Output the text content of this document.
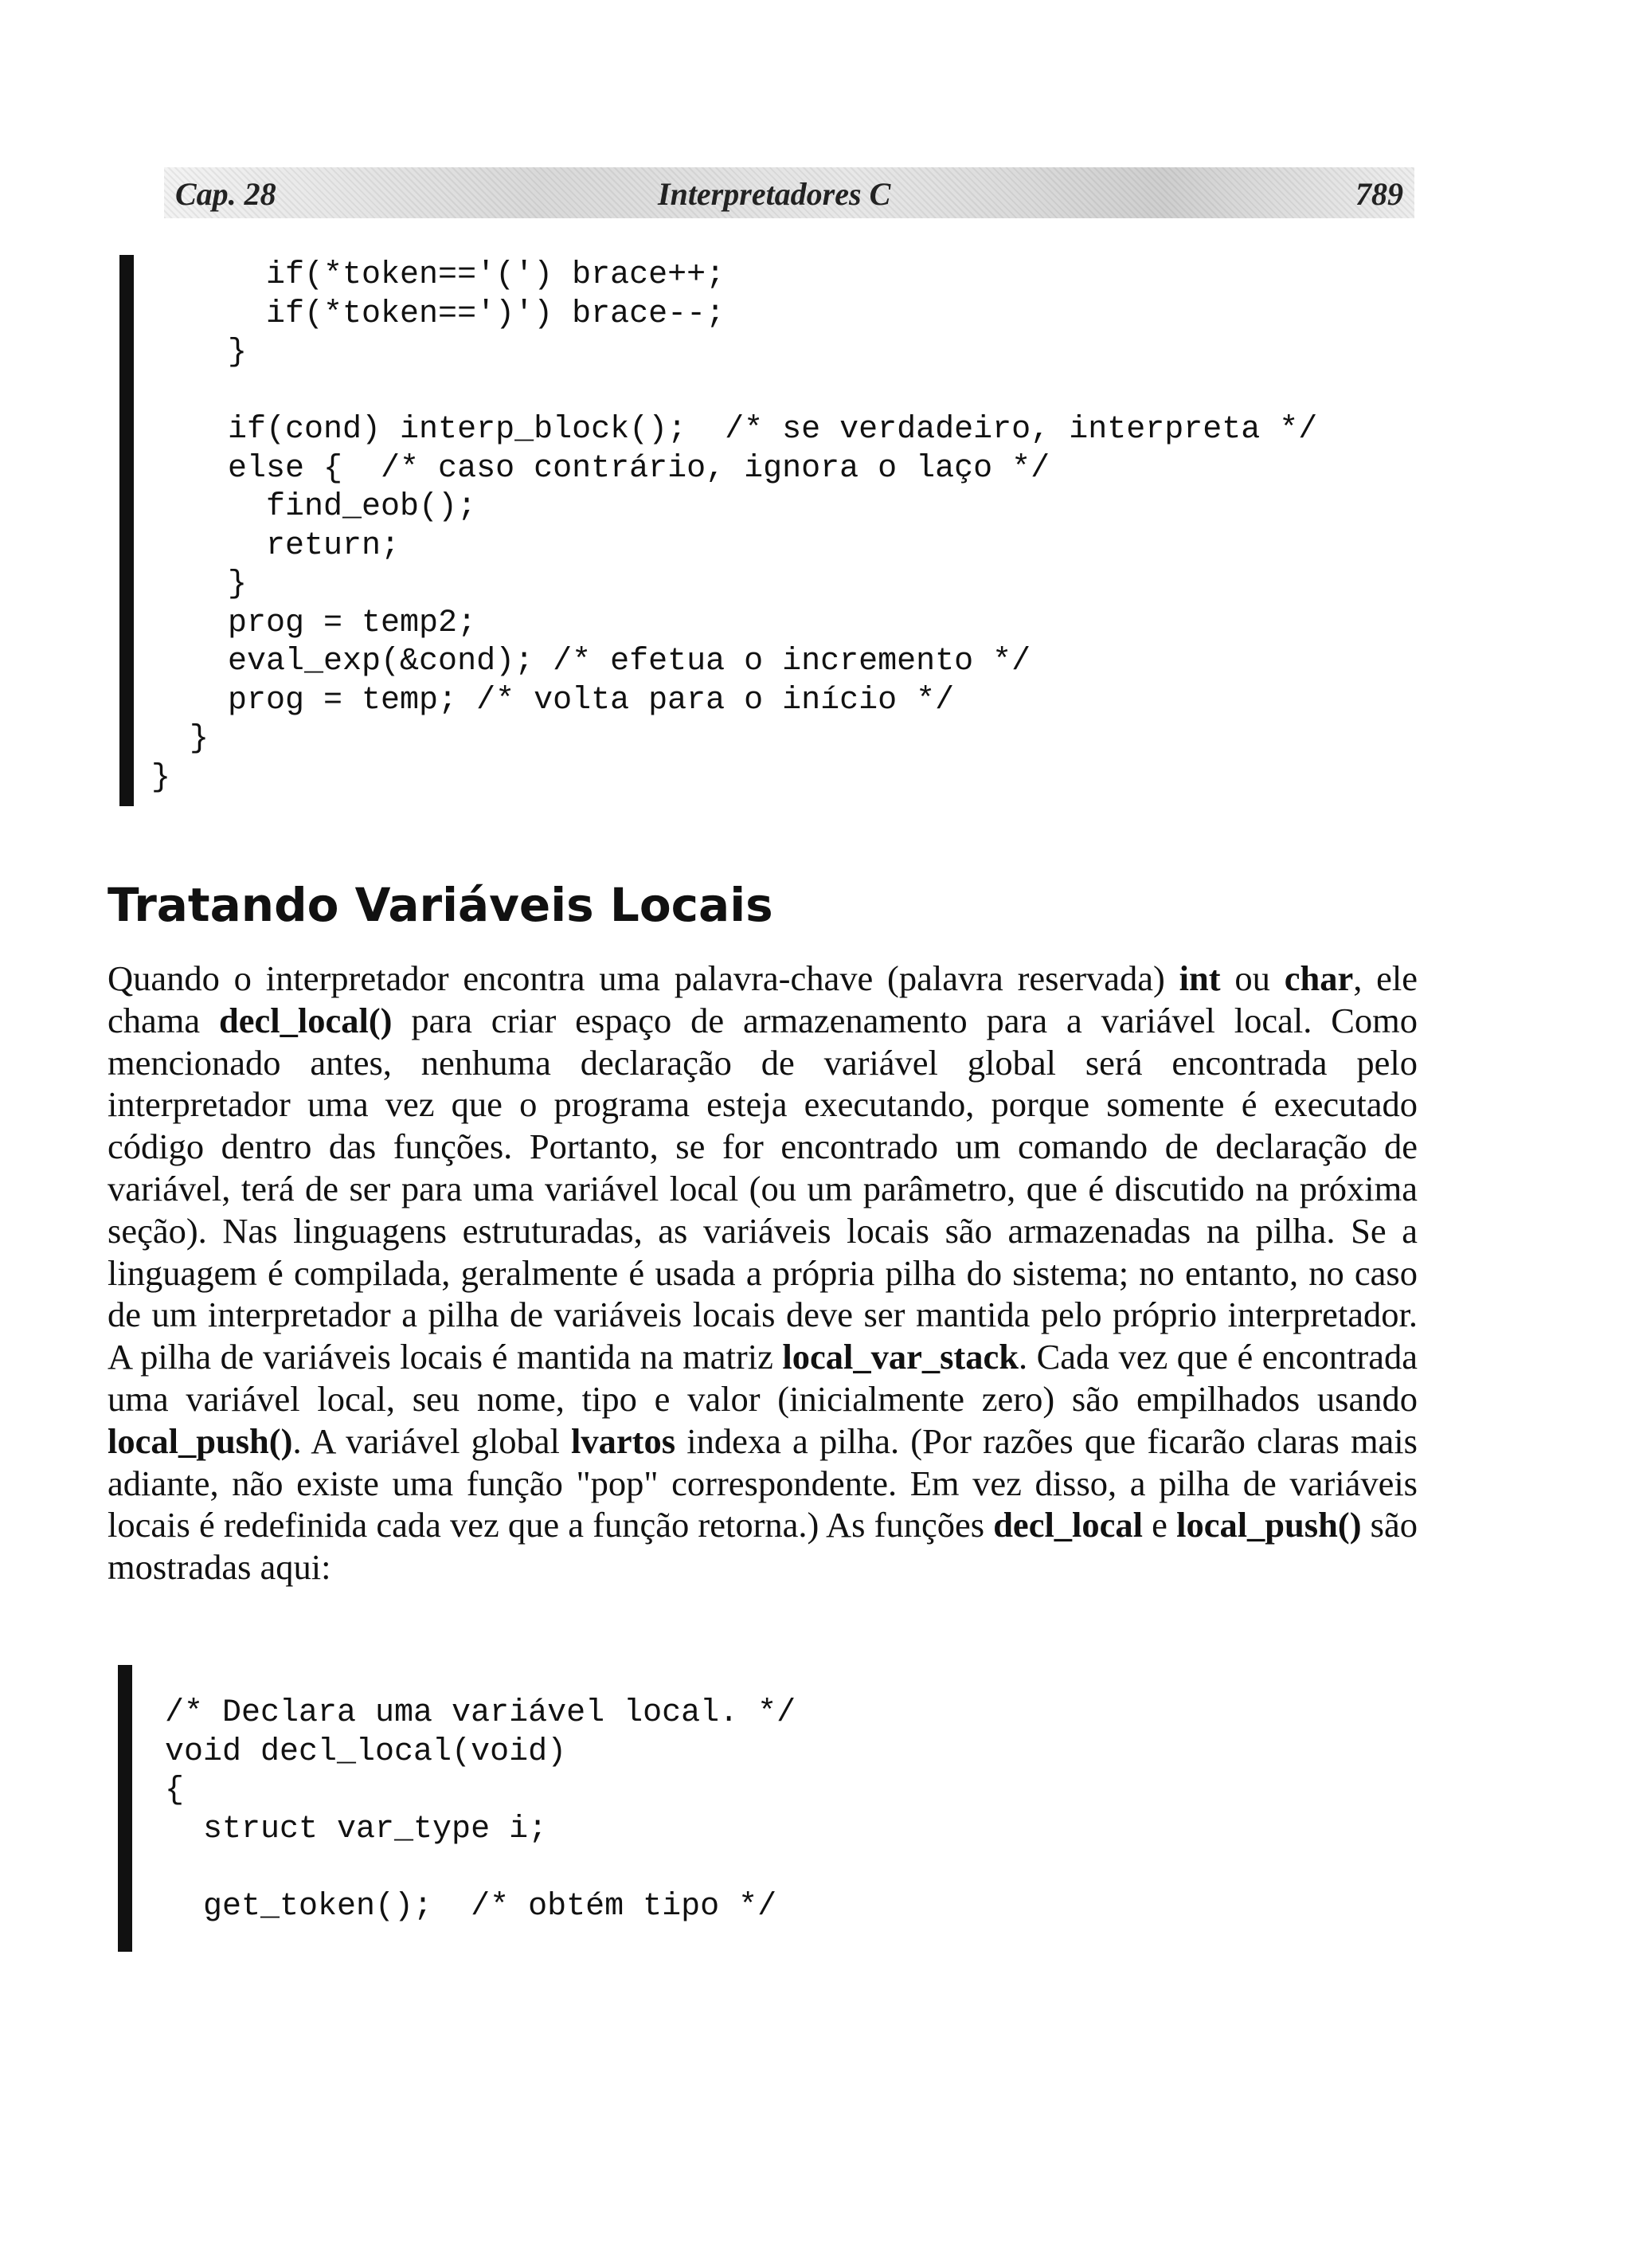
Cap. 28	Interpretadores C	789
if(*token=='(') brace++;
if(*token==')') brace--;
}
if(cond) interp_block();  /* se verdadeiro, interpreta */
else {  /* caso contrário, ignora o laço */
find_eob();
return;
}
prog = temp2;
eval_exp(&cond); /* efetua o incremento */
prog = temp; /* volta para o início */
}
}
Tratando Variáveis Locais
Quando o interpretador encontra uma palavra-chave (palavra reservada) int ou char, ele chama decl_local() para criar espaço de armazenamento para a variável local. Como mencionado antes, nenhuma declaração de variável global será encontrada pelo interpretador uma vez que o programa esteja executando, porque somente é executado código dentro das funções. Portanto, se for encontrado um comando de declaração de variável, terá de ser para uma variável local (ou um parâmetro, que é discutido na próxima seção). Nas linguagens estruturadas, as variáveis locais são armazenadas na pilha. Se a linguagem é compilada, geralmente é usada a própria pilha do sistema; no entanto, no caso de um interpretador a pilha de variáveis locais deve ser mantida pelo próprio interpretador. A pilha de variáveis locais é mantida na matriz local_var_stack. Cada vez que é encontrada uma variável local, seu nome, tipo e valor (inicialmente zero) são empilhados usando local_push(). A variável global lvartos indexa a pilha. (Por razões que ficarão claras mais adiante, não existe uma função "pop" correspondente. Em vez disso, a pilha de variáveis locais é redefinida cada vez que a função retorna.) As funções decl_local e local_push() são mostradas aqui:
/* Declara uma variável local. */
void decl_local(void)
{
struct var_type i;
get_token();  /* obtém tipo */
